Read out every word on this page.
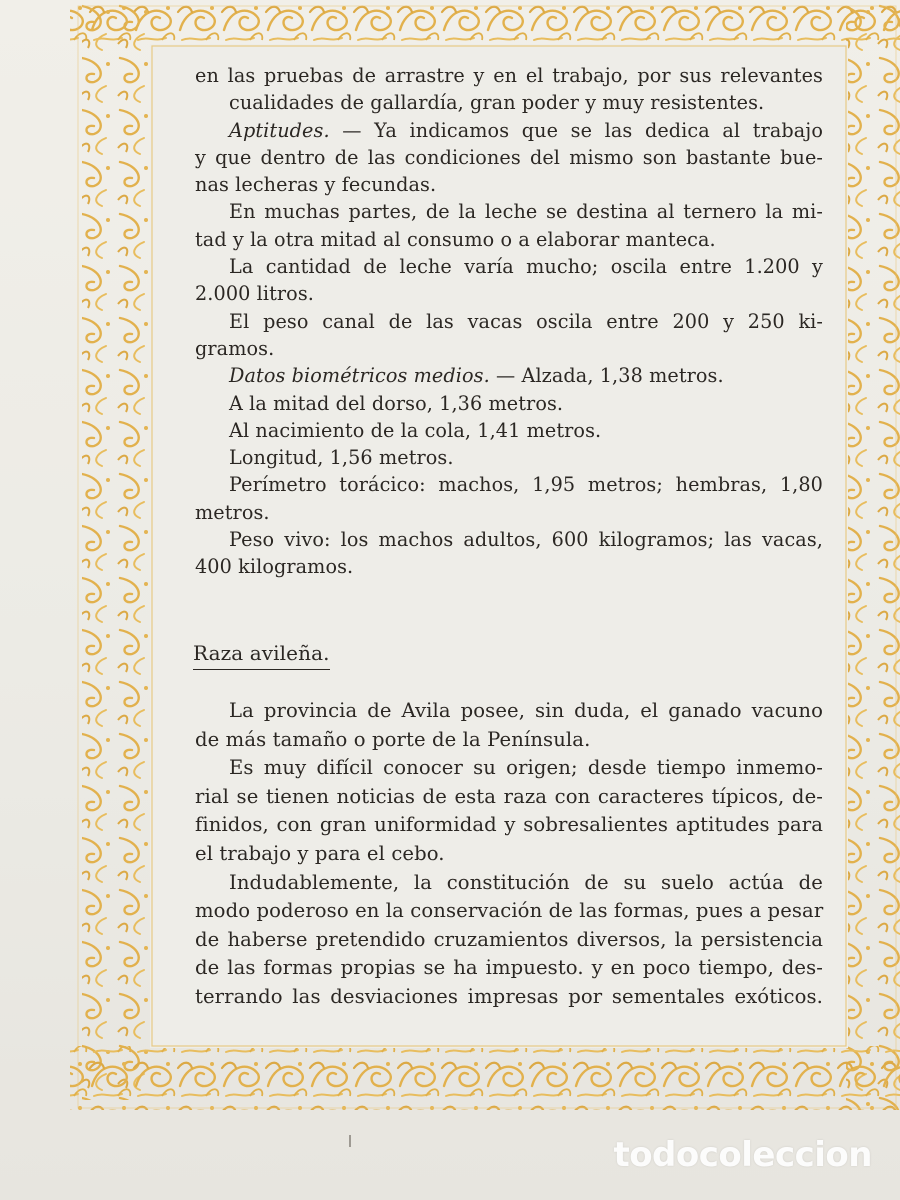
en las pruebas de arrastre y en el trabajo, por sus relevantes
cualidades de gallardía, gran poder y muy resistentes.
Aptitudes. — Ya indicamos que se las dedica al trabajo
y que dentro de las condiciones del mismo son bastante bue-
nas lecheras y fecundas.
En muchas partes, de la leche se destina al ternero la mi-
tad y la otra mitad al consumo o a elaborar manteca.
La cantidad de leche varía mucho; oscila entre 1.200 y
2.000 litros.
El peso canal de las vacas oscila entre 200 y 250 ki-
gramos.
Datos biométricos medios. — Alzada, 1,38 metros.
A la mitad del dorso, 1,36 metros.
Al nacimiento de la cola, 1,41 metros.
Longitud, 1,56 metros.
Perímetro torácico: machos, 1,95 metros; hembras, 1,80
metros.
Peso vivo: los machos adultos, 600 kilogramos; las vacas,
400 kilogramos.
Raza avileña.
La provincia de Avila posee, sin duda, el ganado vacuno
de más tamaño o porte de la Península.
Es muy difícil conocer su origen; desde tiempo inmemo-
rial se tienen noticias de esta raza con caracteres típicos, de-
finidos, con gran uniformidad y sobresalientes aptitudes para
el trabajo y para el cebo.
Indudablemente, la constitución de su suelo actúa de
modo poderoso en la conservación de las formas, pues a pesar
de haberse pretendido cruzamientos diversos, la persistencia
de las formas propias se ha impuesto. y en poco tiempo, des-
terrando las desviaciones impresas por sementales exóticos.
todocoleccion
